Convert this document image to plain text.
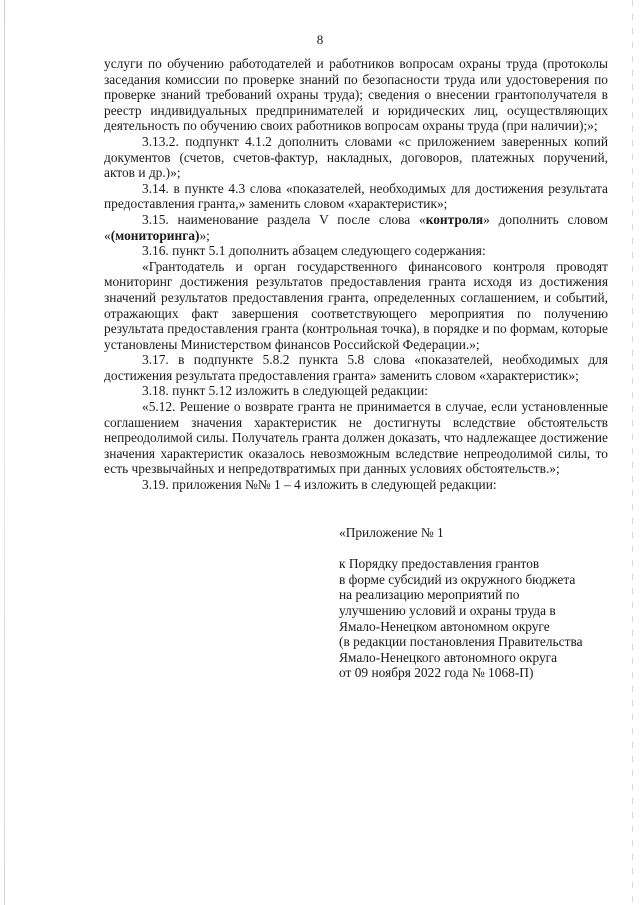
8

услуги по обучению работодателей и работников вопросам охраны труда (протоколы заседания комиссии по проверке знаний по безопасности труда или удостоверения по проверке знаний требований охраны труда); сведения о внесении грантополучателя в реестр индивидуальных предпринимателей и юридических лиц, осуществляющих деятельность по обучению своих работников вопросам охраны труда (при наличии);»;

3.13.2. подпункт 4.1.2 дополнить словами «с приложением заверенных копий документов (счетов, счетов-фактур, накладных, договоров, платежных поручений, актов и др.)»;

3.14. в пункте 4.3 слова «показателей, необходимых для достижения результата предоставления гранта,» заменить словом «характеристик»;

3.15. наименование раздела V после слова «контроля» дополнить словом «(мониторинга)»;

3.16. пункт 5.1 дополнить абзацем следующего содержания:

«Грантодатель и орган государственного финансового контроля проводят мониторинг достижения результатов предоставления гранта исходя из достижения значений результатов предоставления гранта, определенных соглашением, и событий, отражающих факт завершения соответствующего мероприятия по получению результата предоставления гранта (контрольная точка), в порядке и по формам, которые установлены Министерством финансов Российской Федерации.»;

3.17. в подпункте 5.8.2 пункта 5.8 слова «показателей, необходимых для достижения результата предоставления гранта» заменить словом «характеристик»;

3.18. пункт 5.12 изложить в следующей редакции:

«5.12. Решение о возврате гранта не принимается в случае, если установленные соглашением значения характеристик не достигнуты вследствие обстоятельств непреодолимой силы. Получатель гранта должен доказать, что надлежащее достижение значения характеристик оказалось невозможным вследствие непреодолимой силы, то есть чрезвычайных и непредотвратимых при данных условиях обстоятельств.»;

3.19. приложения №№ 1 – 4 изложить в следующей редакции:

«Приложение № 1

к Порядку предоставления грантов
в форме субсидий из окружного бюджета
на реализацию мероприятий по
улучшению условий и охраны труда в
Ямало-Ненецком автономном округе
(в редакции постановления Правительства
Ямало-Ненецкого автономного округа
от 09 ноября 2022 года № 1068-П)
